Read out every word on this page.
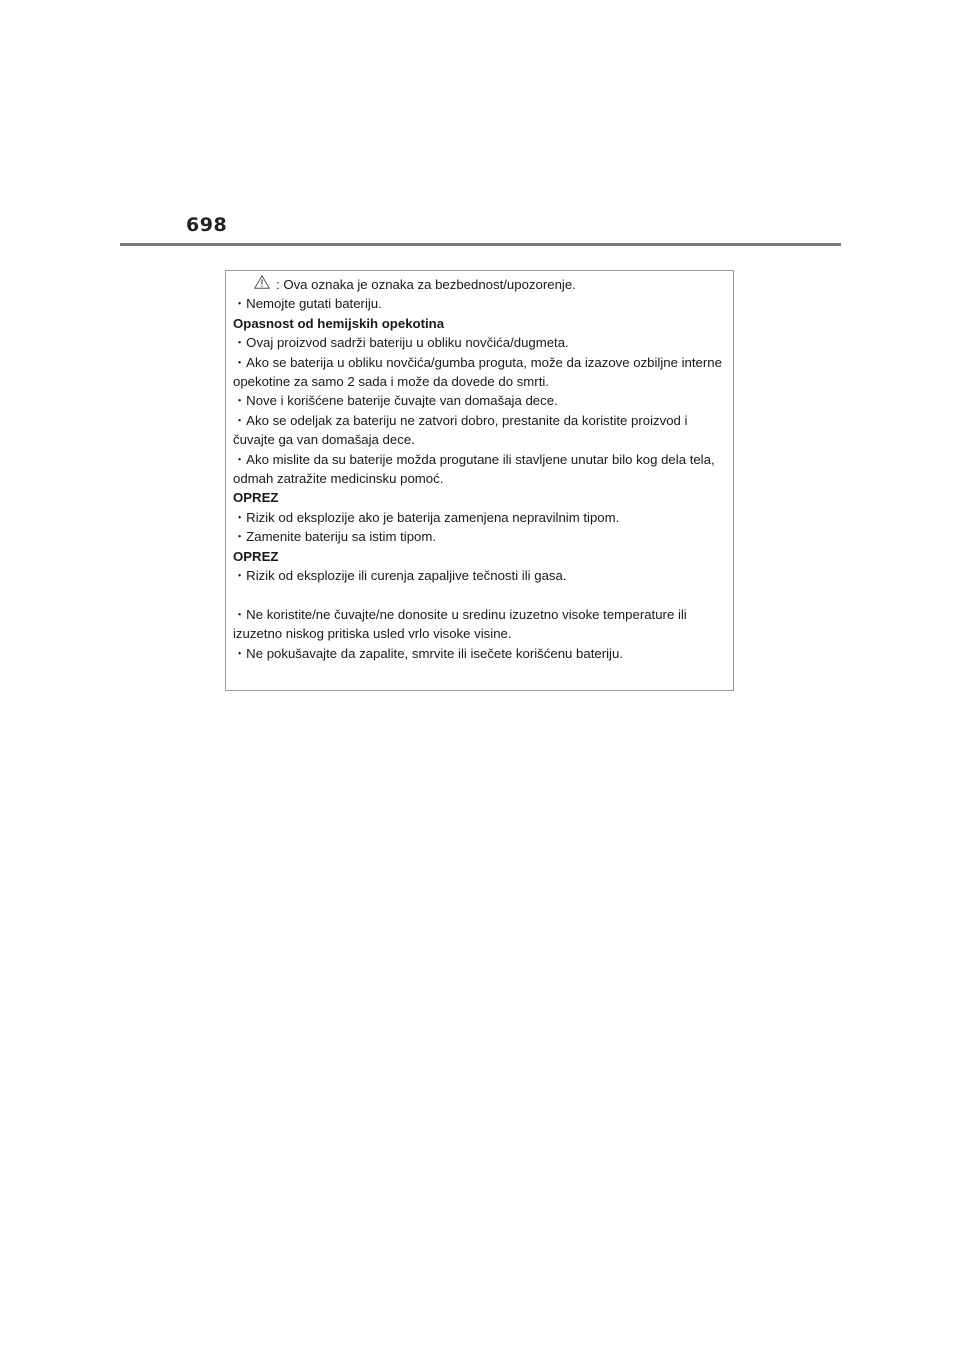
698
: Ova oznaka je oznaka za bezbednost/upozorenje.

・Nemojte gutati bateriju.

Opasnost od hemijskih opekotina

・Ovaj proizvod sadrži bateriju u obliku novčića/dugmeta.

・Ako se baterija u obliku novčića/gumba proguta, može da izazove ozbiljne interne opekotine za samo 2 sada i može da dovede do smrti.

・Nove i korišćene baterije čuvajte van domašaja dece.

・Ako se odeljak za bateriju ne zatvori dobro, prestanite da koristite proizvod i čuvajte ga van domašaja dece.

・Ako mislite da su baterije možda progutane ili stavljene unutar bilo kog dela tela, odmah zatražite medicinsku pomoć.

OPREZ

・Rizik od eksplozije ako je baterija zamenjena nepravilnim tipom.

・Zamenite bateriju sa istim tipom.

OPREZ

・Rizik od eksplozije ili curenja zapaljive tečnosti ili gasa.

・Ne koristite/ne čuvajte/ne donosite u sredinu izuzetno visoke temperature ili izuzetno niskog pritiska usled vrlo visoke visine.

・Ne pokušavajte da zapalite, smrvite ili isečete korišćenu bateriju.
